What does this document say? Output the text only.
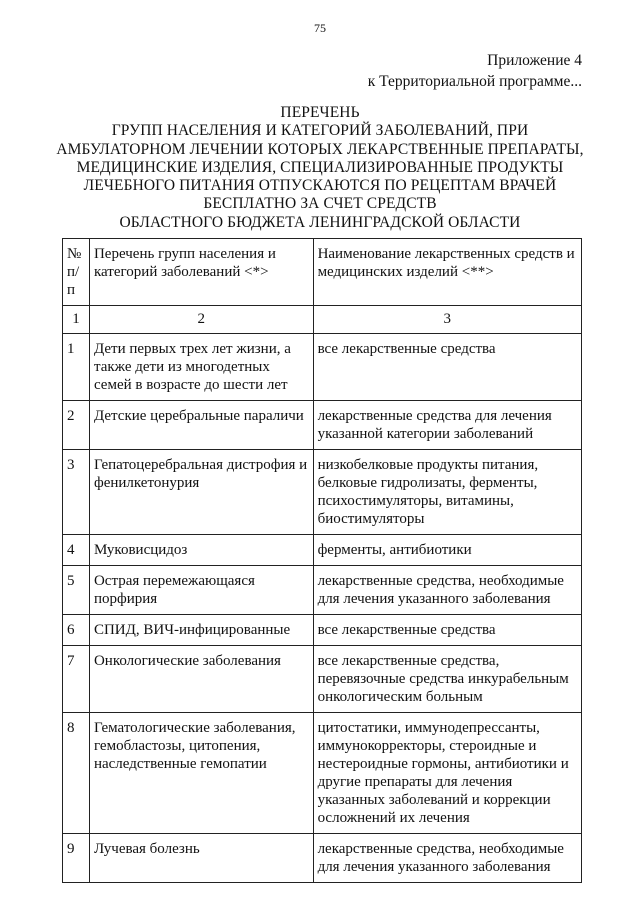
75
Приложение 4
к Территориальной программе...
ПЕРЕЧЕНЬ
ГРУПП НАСЕЛЕНИЯ И КАТЕГОРИЙ ЗАБОЛЕВАНИЙ, ПРИ
АМБУЛАТОРНОМ ЛЕЧЕНИИ КОТОРЫХ ЛЕКАРСТВЕННЫЕ ПРЕПАРАТЫ,
МЕДИЦИНСКИЕ ИЗДЕЛИЯ, СПЕЦИАЛИЗИРОВАННЫЕ ПРОДУКТЫ
ЛЕЧЕБНОГО ПИТАНИЯ ОТПУСКАЮТСЯ ПО РЕЦЕПТАМ ВРАЧЕЙ
БЕСПЛАТНО ЗА СЧЕТ СРЕДСТВ
ОБЛАСТНОГО БЮДЖЕТА ЛЕНИНГРАДСКОЙ ОБЛАСТИ
№ п/п	Перечень групп населения и категорий заболеваний <*>	Наименование лекарственных средств и медицинских изделий <**>
1	2	3
1	Дети первых трех лет жизни, а также дети из многодетных семей в возрасте до шести лет	все лекарственные средства
2	Детские церебральные параличи	лекарственные средства для лечения указанной категории заболеваний
3	Гепатоцеребральная дистрофия и фенилкетонурия	низкобелковые продукты питания, белковые гидролизаты, ферменты, психостимуляторы, витамины, биостимуляторы
4	Муковисцидоз	ферменты, антибиотики
5	Острая перемежающаяся порфирия	лекарственные средства, необходимые для лечения указанного заболевания
6	СПИД, ВИЧ-инфицированные	все лекарственные средства
7	Онкологические заболевания	все лекарственные средства, перевязочные средства инкурабельным онкологическим больным
8	Гематологические заболевания, гемобластозы, цитопения, наследственные гемопатии	цитостатики, иммунодепрессанты, иммунокорректоры, стероидные и нестероидные гормоны, антибиотики и другие препараты для лечения указанных заболеваний и коррекции осложнений их лечения
9	Лучевая болезнь	лекарственные средства, необходимые для лечения указанного заболевания
